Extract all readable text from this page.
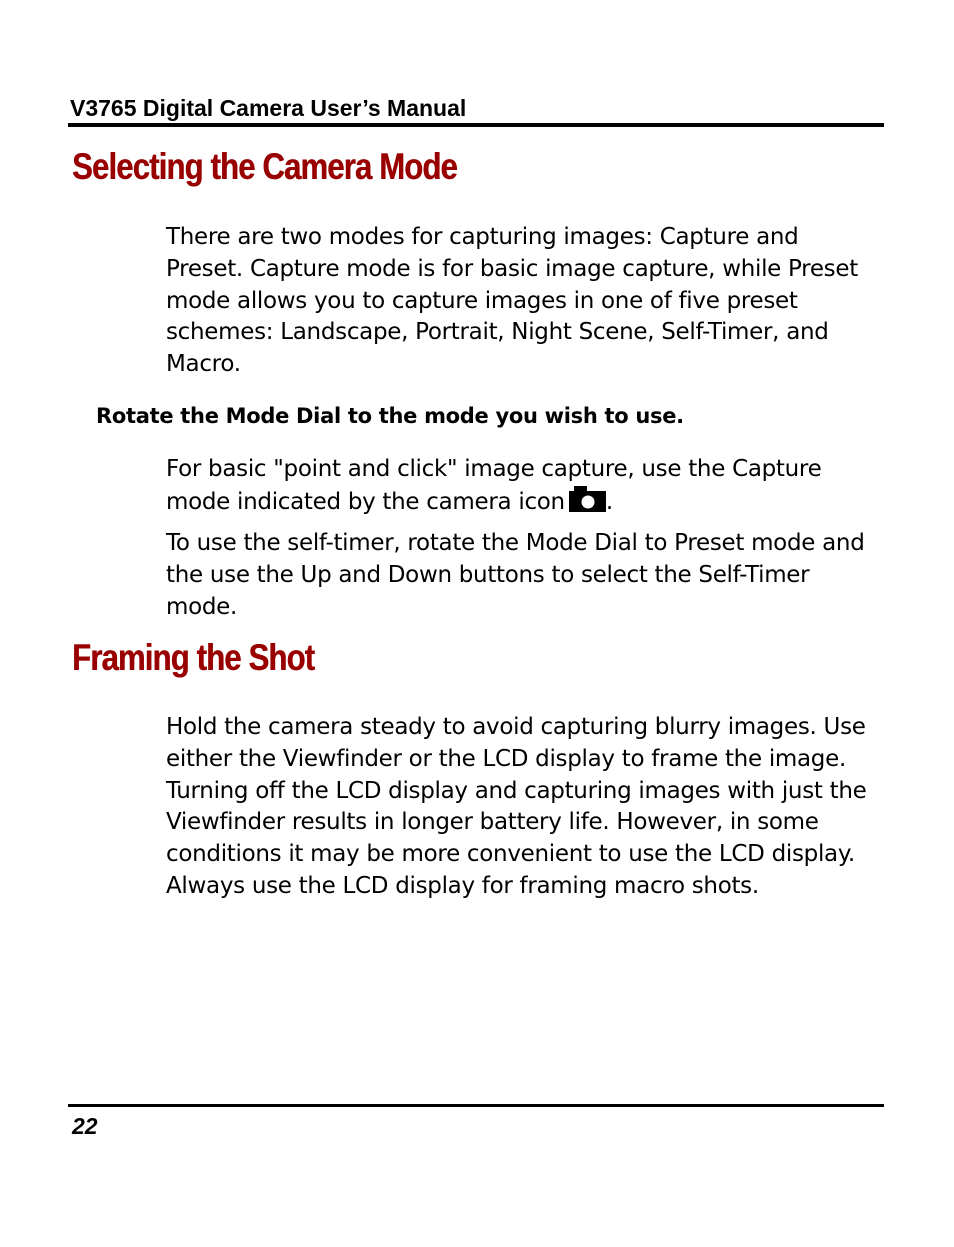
V3765 Digital Camera User’s Manual
Selecting the Camera Mode

There are two modes for capturing images: Capture and Preset. Capture mode is for basic image capture, while Preset mode allows you to capture images in one of five preset schemes: Landscape, Portrait, Night Scene, Self-Timer, and Macro.

Rotate the Mode Dial to the mode you wish to use.

For basic "point and click" image capture, use the Capture mode indicated by the camera icon .

To use the self-timer, rotate the Mode Dial to Preset mode and the use the Up and Down buttons to select the Self-Timer mode.

Framing the Shot

Hold the camera steady to avoid capturing blurry images. Use either the Viewfinder or the LCD display to frame the image. Turning off the LCD display and capturing images with just the Viewfinder results in longer battery life. However, in some conditions it may be more convenient to use the LCD display. Always use the LCD display for framing macro shots.

22
